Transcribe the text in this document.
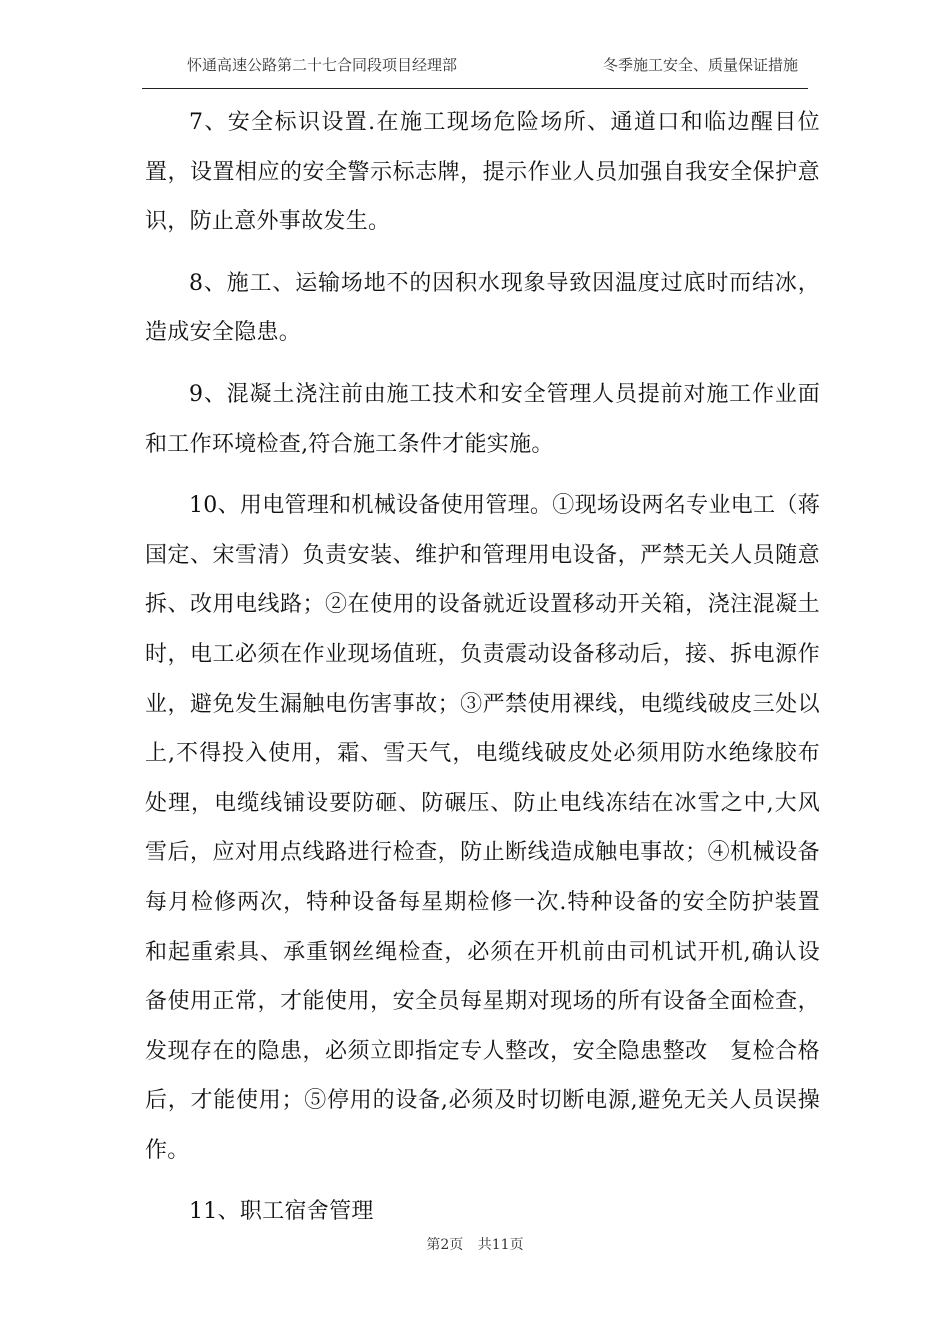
怀通高速公路第二十七合同段项目经理部	冬季施工安全、质量保证措施

7、安全标识设置.在施工现场危险场所、通道口和临边醒目位置，设置相应的安全警示标志牌，提示作业人员加强自我安全保护意识，防止意外事故发生。

8、施工、运输场地不的因积水现象导致因温度过底时而结冰，造成安全隐患。

9、混凝土浇注前由施工技术和安全管理人员提前对施工作业面和工作环境检查,符合施工条件才能实施。

10、用电管理和机械设备使用管理。①现场设两名专业电工（蒋国定、宋雪清）负责安装、维护和管理用电设备，严禁无关人员随意拆、改用电线路；②在使用的设备就近设置移动开关箱，浇注混凝土时，电工必须在作业现场值班，负责震动设备移动后，接、拆电源作业，避免发生漏触电伤害事故；③严禁使用裸线，电缆线破皮三处以上,不得投入使用，霜、雪天气，电缆线破皮处必须用防水绝缘胶布处理，电缆线铺设要防砸、防碾压、防止电线冻结在冰雪之中,大风雪后，应对用点线路进行检查，防止断线造成触电事故；④机械设备每月检修两次，特种设备每星期检修一次.特种设备的安全防护装置和起重索具、承重钢丝绳检查，必须在开机前由司机试开机,确认设备使用正常，才能使用，安全员每星期对现场的所有设备全面检查，发现存在的隐患，必须立即指定专人整改，安全隐患整改　复检合格后，才能使用；⑤停用的设备,必须及时切断电源,避免无关人员误操作。

11、职工宿舍管理

第2页 共11页
